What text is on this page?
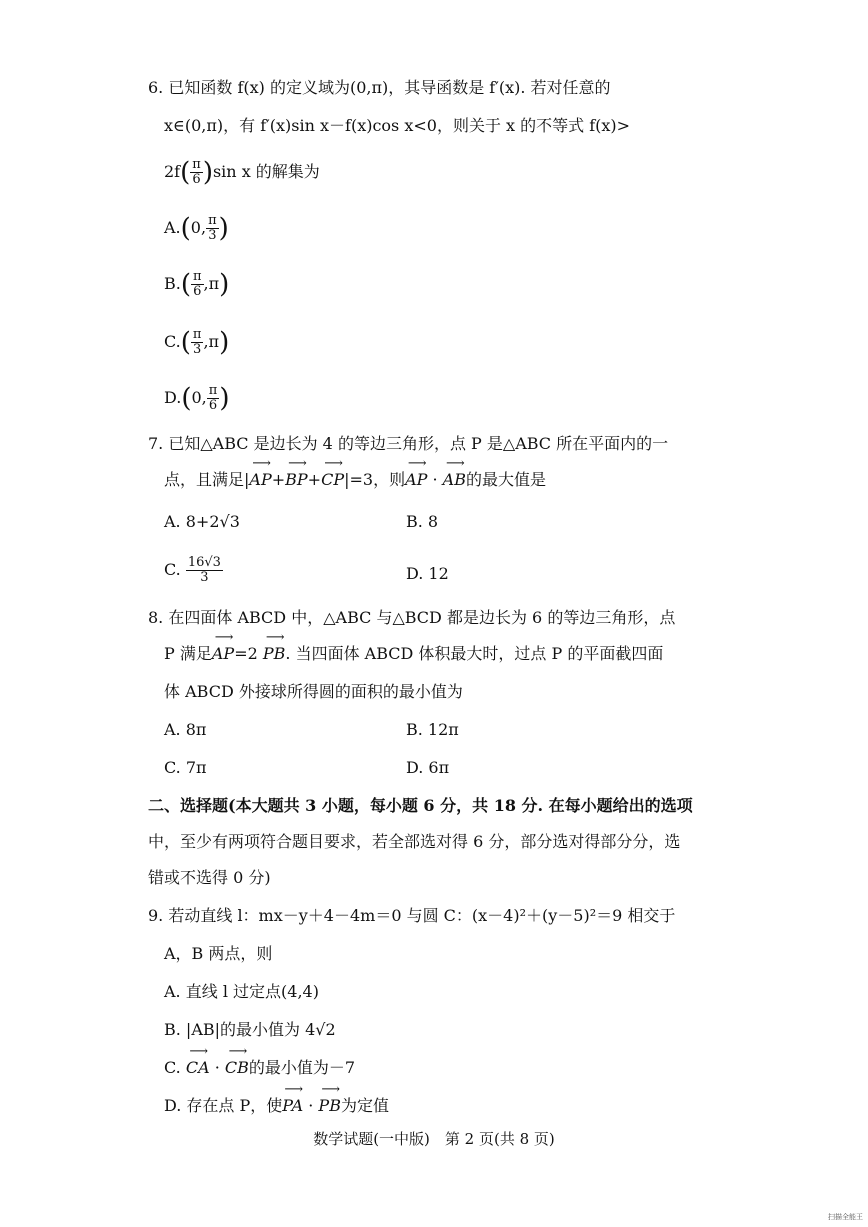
6. 已知函数 f(x) 的定义域为(0,π)，其导函数是 f′(x). 若对任意的
x∈(0,π)，有 f′(x)sin x－f(x)cos x<0，则关于 x 的不等式 f(x)>
$2f( \frac{\pi}{6} )\sin$ x 的解集为
A.(0, $\frac{\pi}{3}$ )
$B.( \frac{\pi}{6} ,\pi)$
$C.( \frac{\pi}{3} ,\pi)$
D.(0, $\frac{\pi}{6}$ )
7. 已知△ABC 是边长为 4 的等边三角形，点 P 是△ABC 所在平面内的一
点，且满足|⟶ AP+⟶ BP+⟶ CP|=3，则⟶ AP · ⟶ AB的最大值是
A. 8+2√3	B. 8
C. $\frac{16√3}{3}$	D. 12
8. 在四面体 ABCD 中，△ABC 与△BCD 都是边长为 6 的等边三角形，点
P 满足⟶ AP=2 ⟶ PB. 当四面体 ABCD 体积最大时，过点 P 的平面截四面
体 ABCD 外接球所得圆的面积的最小值为
A. 8π	B. 12π
C. 7π	D. 6π
二、选择题(本大题共 3 小题，每小题 6 分，共 18 分. 在每小题给出的选项
中，至少有两项符合题目要求，若全部选对得 6 分，部分选对得部分分，选
错或不选得 0 分)
9. 若动直线 l：mx－y＋4－4m＝0 与圆 C：(x－4)²＋(y－5)²＝9 相交于
A，B 两点，则
A. 直线 l 过定点(4,4)
B. |AB|的最小值为 4√2
C. ⟶ CA · ⟶ CB的最小值为－7
D. 存在点 P，使⟶ PA · ⟶ PB为定值
数学试题(一中版)　第 2 页(共 8 页)
扫描全能王
